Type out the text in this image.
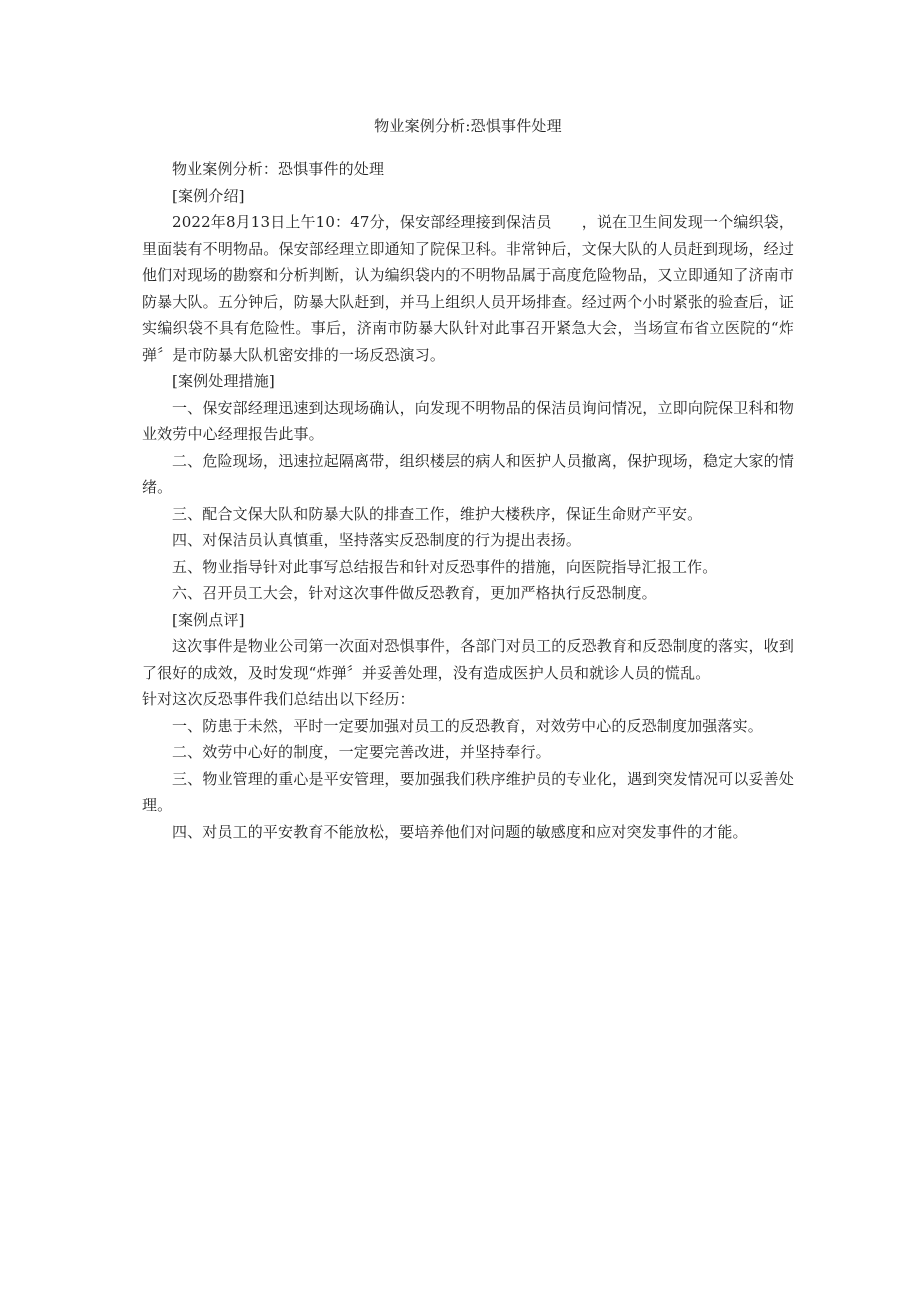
物业案例分析:恐惧事件处理

物业案例分析：恐惧事件的处理

[案例介绍]

2022年8月13日上午10：47分，保安部经理接到保洁员　　，说在卫生间发现一个编织袋，里面装有不明物品。保安部经理立即通知了院保卫科。非常钟后，文保大队的人员赶到现场，经过他们对现场的勘察和分析判断，认为编织袋内的不明物品属于高度危险物品，又立即通知了济南市防暴大队。五分钟后，防暴大队赶到，并马上组织人员开场排查。经过两个小时紧张的验查后，证实编织袋不具有危险性。事后，济南市防暴大队针对此事召开紧急大会，当场宣布省立医院的“炸弹〞是市防暴大队机密安排的一场反恐演习。

[案例处理措施]

一、保安部经理迅速到达现场确认，向发现不明物品的保洁员询问情况，立即向院保卫科和物业效劳中心经理报告此事。

二、危险现场，迅速拉起隔离带，组织楼层的病人和医护人员撤离，保护现场，稳定大家的情绪。

三、配合文保大队和防暴大队的排查工作，维护大楼秩序，保证生命财产平安。

四、对保洁员认真慎重，坚持落实反恐制度的行为提出表扬。

五、物业指导针对此事写总结报告和针对反恐事件的措施，向医院指导汇报工作。

六、召开员工大会，针对这次事件做反恐教育，更加严格执行反恐制度。

[案例点评]

这次事件是物业公司第一次面对恐惧事件，各部门对员工的反恐教育和反恐制度的落实，收到了很好的成效，及时发现“炸弹〞并妥善处理，没有造成医护人员和就诊人员的慌乱。

针对这次反恐事件我们总结出以下经历：

一、防患于未然，平时一定要加强对员工的反恐教育，对效劳中心的反恐制度加强落实。

二、效劳中心好的制度，一定要完善改进，并坚持奉行。

三、物业管理的重心是平安管理，要加强我们秩序维护员的专业化，遇到突发情况可以妥善处理。

四、对员工的平安教育不能放松，要培养他们对问题的敏感度和应对突发事件的才能。
